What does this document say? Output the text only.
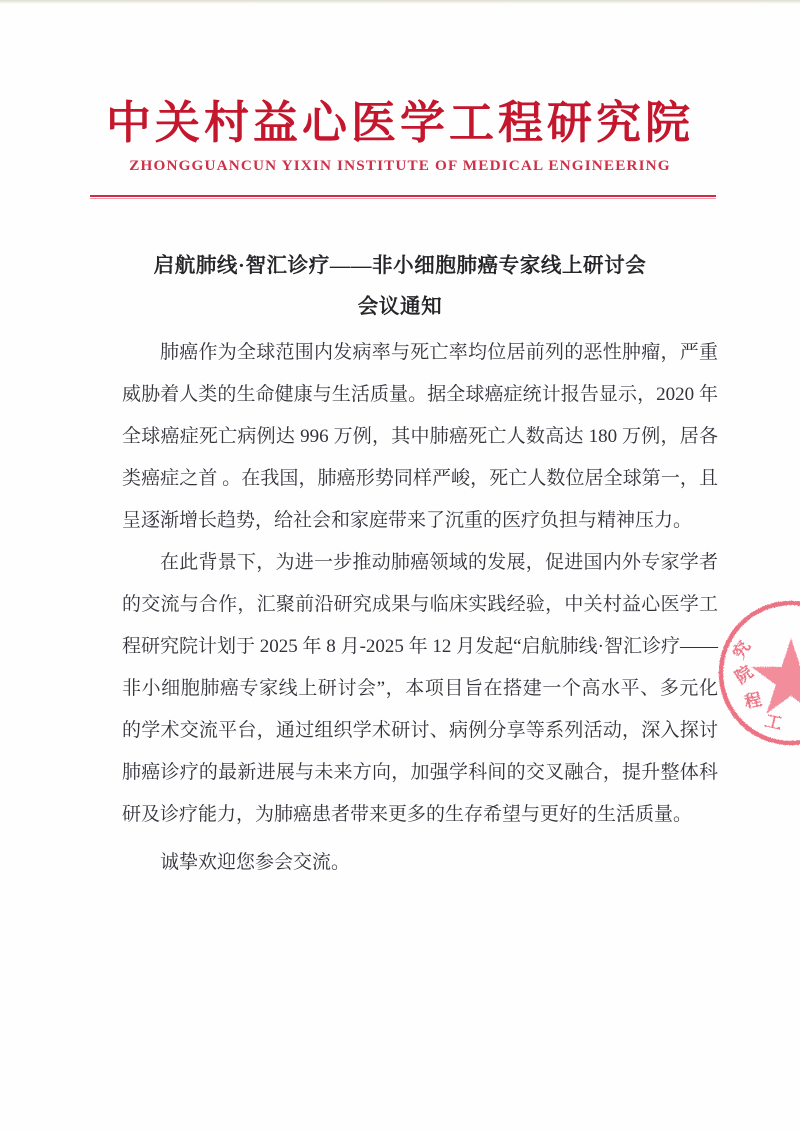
中关村益心医学工程研究院
ZHONGGUANCUN YIXIN INSTITUTE OF MEDICAL ENGINEERING
启航肺线·智汇诊疗——非小细胞肺癌专家线上研讨会
会议通知

肺癌作为全球范围内发病率与死亡率均位居前列的恶性肿瘤，严重威胁着人类的生命健康与生活质量。据全球癌症统计报告显示，2020 年全球癌症死亡病例达 996 万例，其中肺癌死亡人数高达 180 万例，居各类癌症之首 。在我国，肺癌形势同样严峻，死亡人数位居全球第一，且呈逐渐增长趋势，给社会和家庭带来了沉重的医疗负担与精神压力。

在此背景下，为进一步推动肺癌领域的发展，促进国内外专家学者的交流与合作，汇聚前沿研究成果与临床实践经验，中关村益心医学工程研究院计划于 2025 年 8 月-2025 年 12 月发起“启航肺线·智汇诊疗——非小细胞肺癌专家线上研讨会”，本项目旨在搭建一个高水平、多元化的学术交流平台，通过组织学术研讨、病例分享等系列活动，深入探讨肺癌诊疗的最新进展与未来方向，加强学科间的交叉融合，提升整体科研及诊疗能力，为肺癌患者带来更多的生存希望与更好的生活质量。

诚挚欢迎您参会交流。

究
院
程
工
